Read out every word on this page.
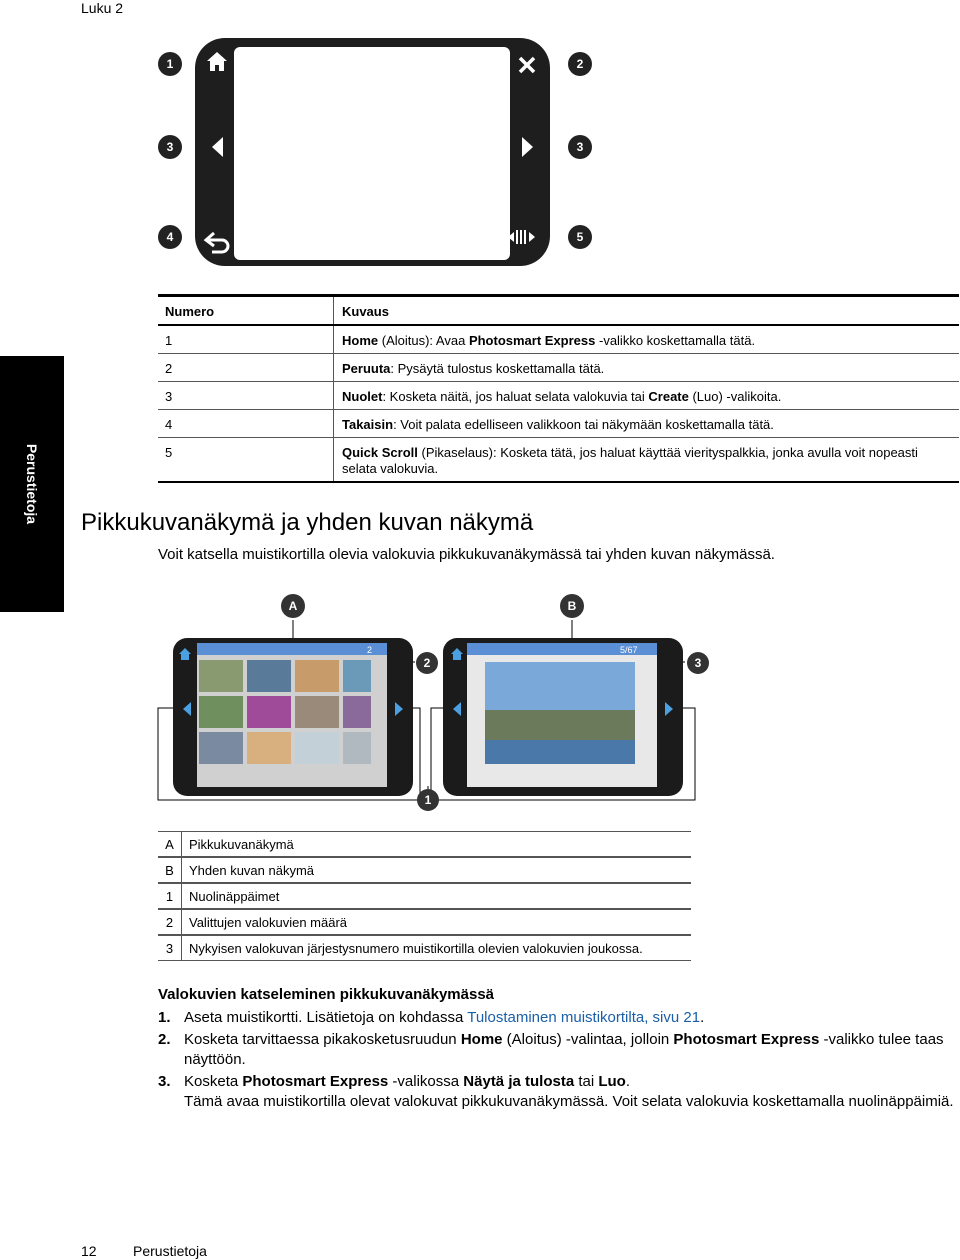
Luku 2
Perustietoja
1	2
3	3
4	5
Numero	Kuvaus
1	Home (Aloitus): Avaa Photosmart Express -valikko koskettamalla tätä.
2	Peruuta: Pysäytä tulostus koskettamalla tätä.
3	Nuolet: Kosketa näitä, jos haluat selata valokuvia tai Create (Luo) -valikoita.
4	Takaisin: Voit palata edelliseen valikkoon tai näkymään koskettamalla tätä.
5	Quick Scroll (Pikaselaus): Kosketa tätä, jos haluat käyttää vierityspalkkia, jonka avulla voit nopeasti selata valokuvia.
Pikkukuvanäkymä ja yhden kuvan näkymä
Voit katsella muistikortilla olevia valokuvia pikkukuvanäkymässä tai yhden kuvan näkymässä.
2	5/67
A	B
1
2	3
A	Pikkukuvanäkymä
B	Yhden kuvan näkymä
1	Nuolinäppäimet
2	Valittujen valokuvien määrä
3	Nykyisen valokuvan järjestysnumero muistikortilla olevien valokuvien joukossa.
Valokuvien katseleminen pikkukuvanäkymässä
1. Aseta muistikortti. Lisätietoja on kohdassa Tulostaminen muistikortilta, sivu 21.
2. Kosketa tarvittaessa pikakosketusruudun Home (Aloitus) -valintaa, jolloin Photosmart Express -valikko tulee taas näyttöön.
3. Kosketa Photosmart Express -valikossa Näytä ja tulosta tai Luo.
Tämä avaa muistikortilla olevat valokuvat pikkukuvanäkymässä. Voit selata valokuvia koskettamalla nuolinäppäimiä.
12	Perustietoja
